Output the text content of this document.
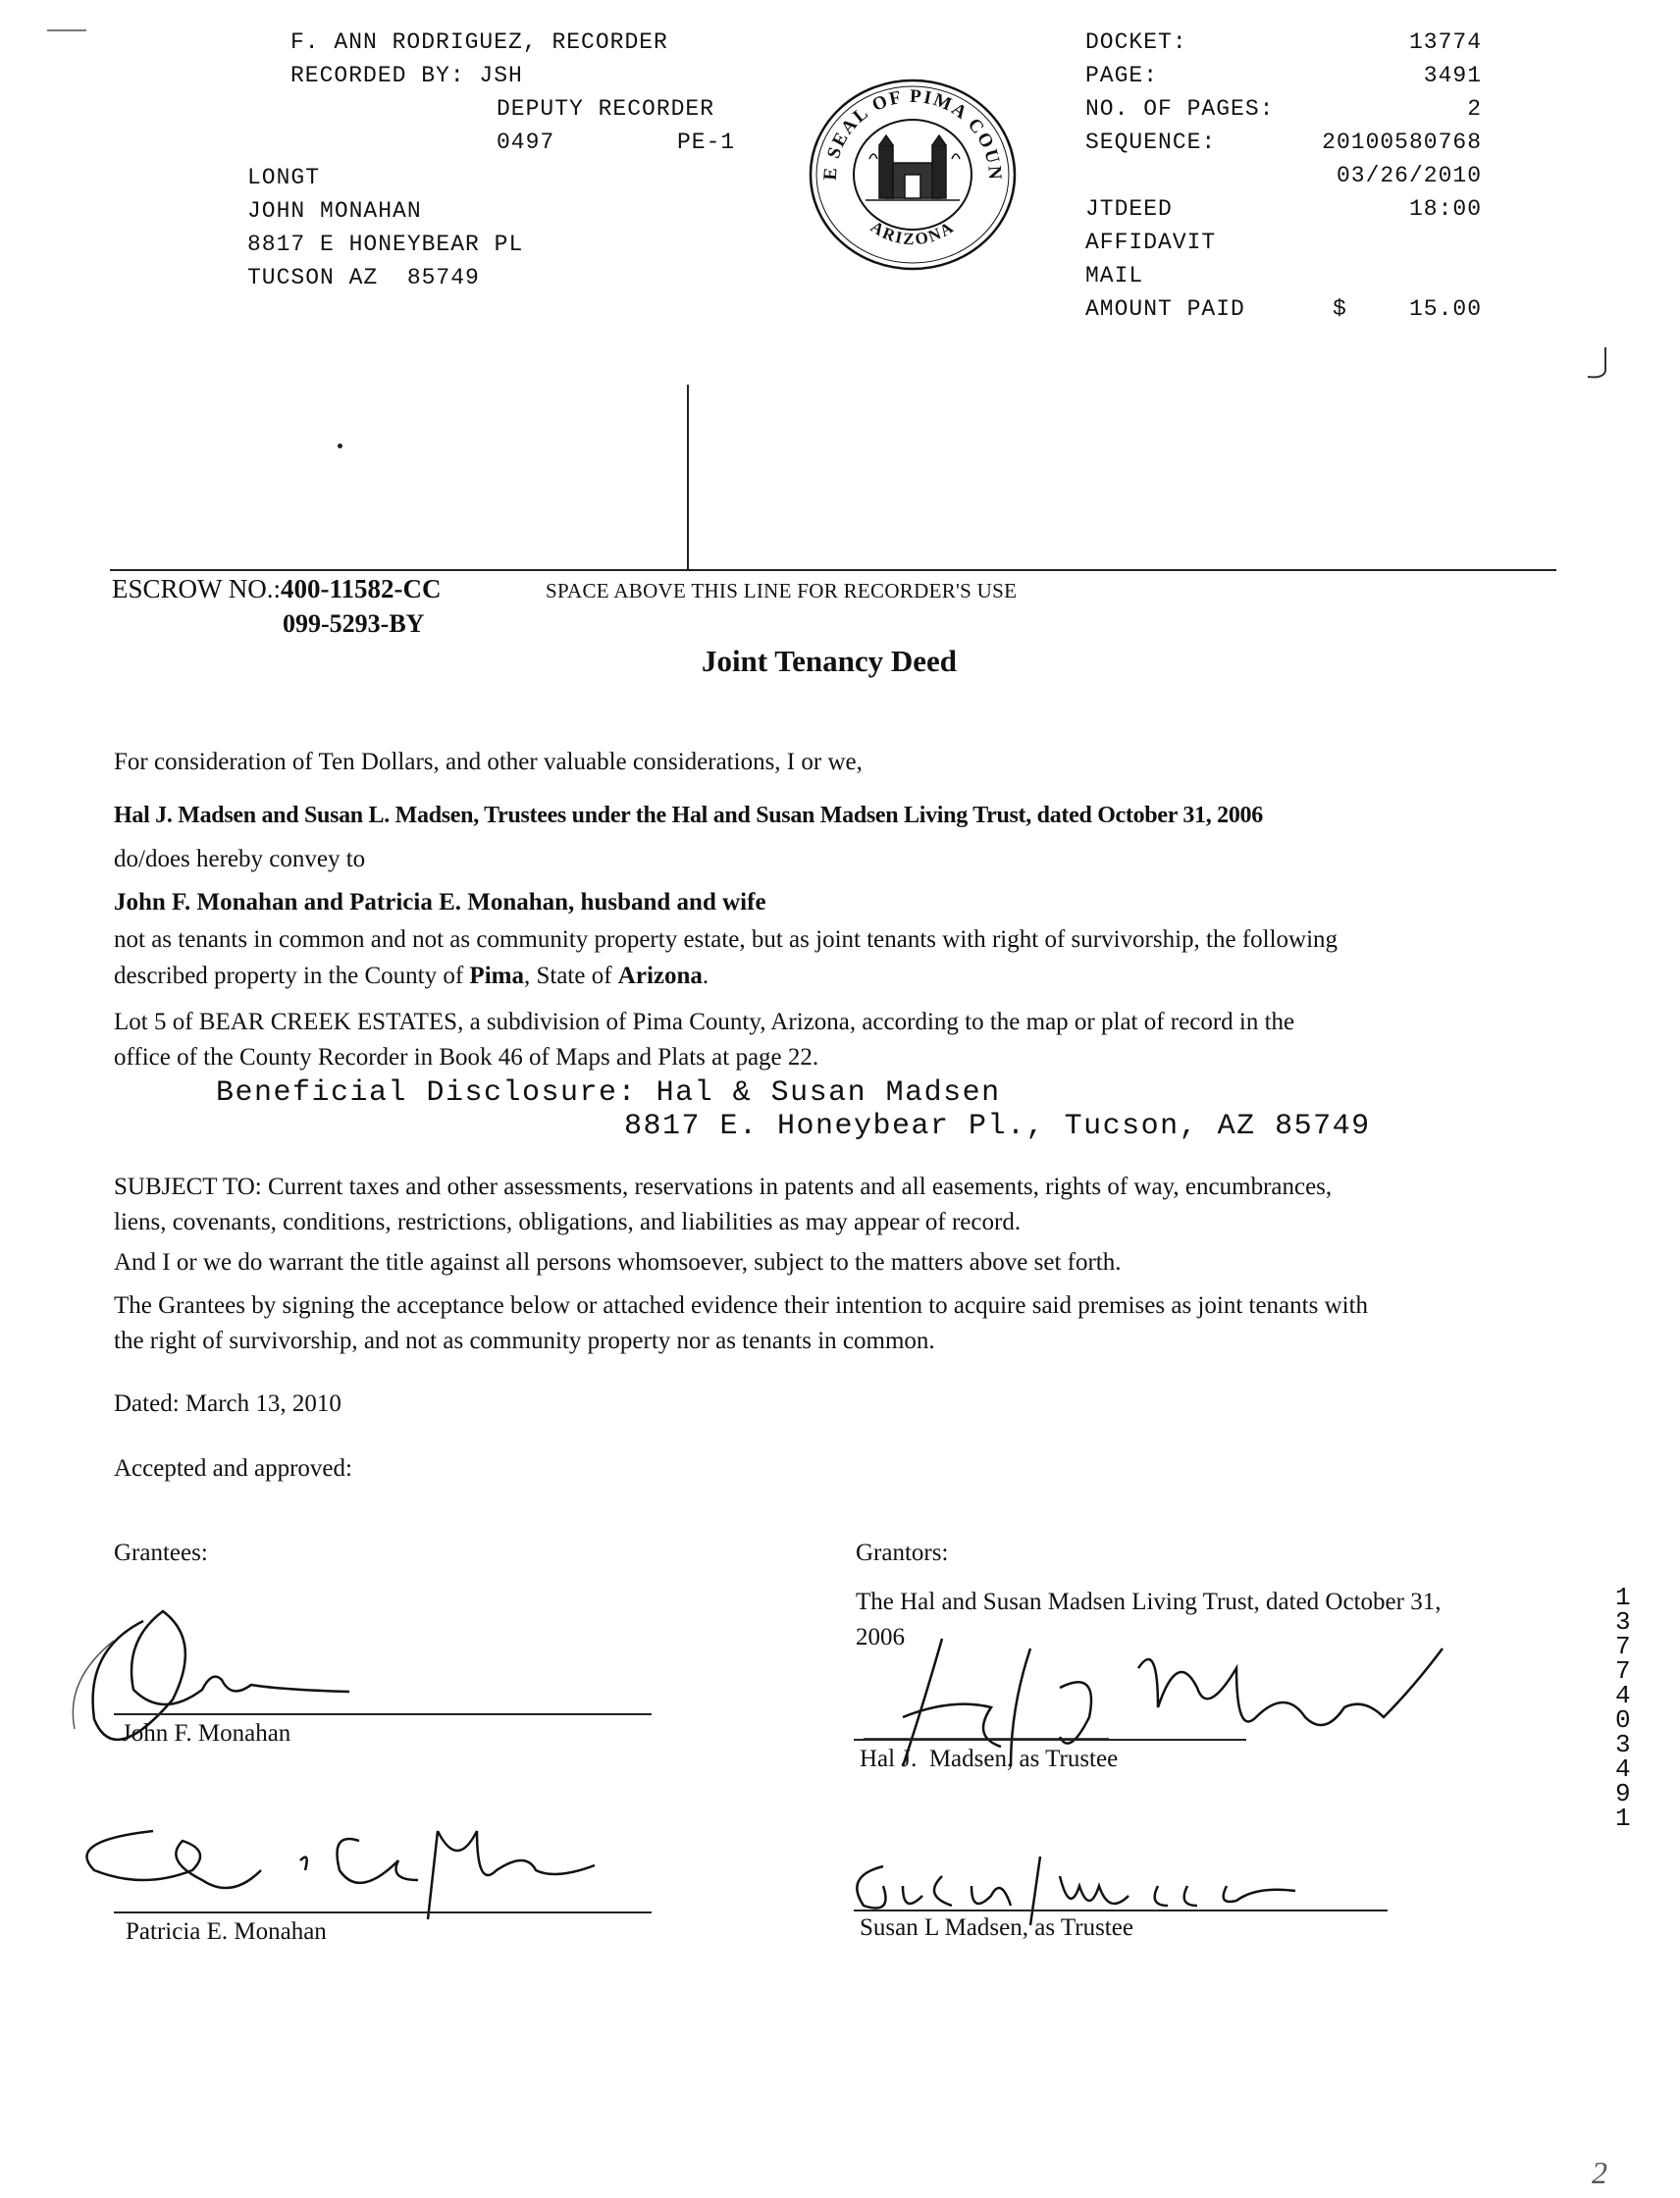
F. ANN RODRIGUEZ, RECORDER
RECORDED BY: JSH
DEPUTY RECORDER
0497	PE-1
LONGT
JOHN MONAHAN
8817 E HONEYBEAR PL
TUCSON AZ  85749
E SEAL OF PIMA COUN
ARIZONA
DOCKET:	13774
PAGE:	3491
NO. OF PAGES:	2
SEQUENCE:	20100580768
03/26/2010
JTDEED	18:00
AFFIDAVIT
MAIL
AMOUNT PAID	$	15.00
ESCROW NO.:400-11582-CC
099-5293-BY
SPACE ABOVE THIS LINE FOR RECORDER'S USE
Joint Tenancy Deed
For consideration of Ten Dollars, and other valuable considerations, I or we,
Hal J. Madsen and Susan L. Madsen, Trustees under the Hal and Susan Madsen Living Trust, dated October 31, 2006
do/does hereby convey to
John F. Monahan and Patricia E. Monahan, husband and wife
not as tenants in common and not as community property estate, but as joint tenants with right of survivorship, the following
described property in the County of Pima, State of Arizona.
Lot 5 of BEAR CREEK ESTATES, a subdivision of Pima County, Arizona, according to the map or plat of record in the
office of the County Recorder in Book 46 of Maps and Plats at page 22.
Beneficial Disclosure: Hal & Susan Madsen
8817 E. Honeybear Pl., Tucson, AZ 85749
SUBJECT TO: Current taxes and other assessments, reservations in patents and all easements, rights of way, encumbrances,
liens, covenants, conditions, restrictions, obligations, and liabilities as may appear of record.
And I or we do warrant the title against all persons whomsoever, subject to the matters above set forth.
The Grantees by signing the acceptance below or attached evidence their intention to acquire said premises as joint tenants with
the right of survivorship, and not as community property nor as tenants in common.
Dated: March 13, 2010
Accepted and approved:
Grantees:	Grantors:
The Hal and Susan Madsen Living Trust, dated October 31,
2006
John F. Monahan
Patricia E. Monahan
Hal J.  Madsen, as Trustee
Susan L Madsen, as Trustee
13774 03491
2
